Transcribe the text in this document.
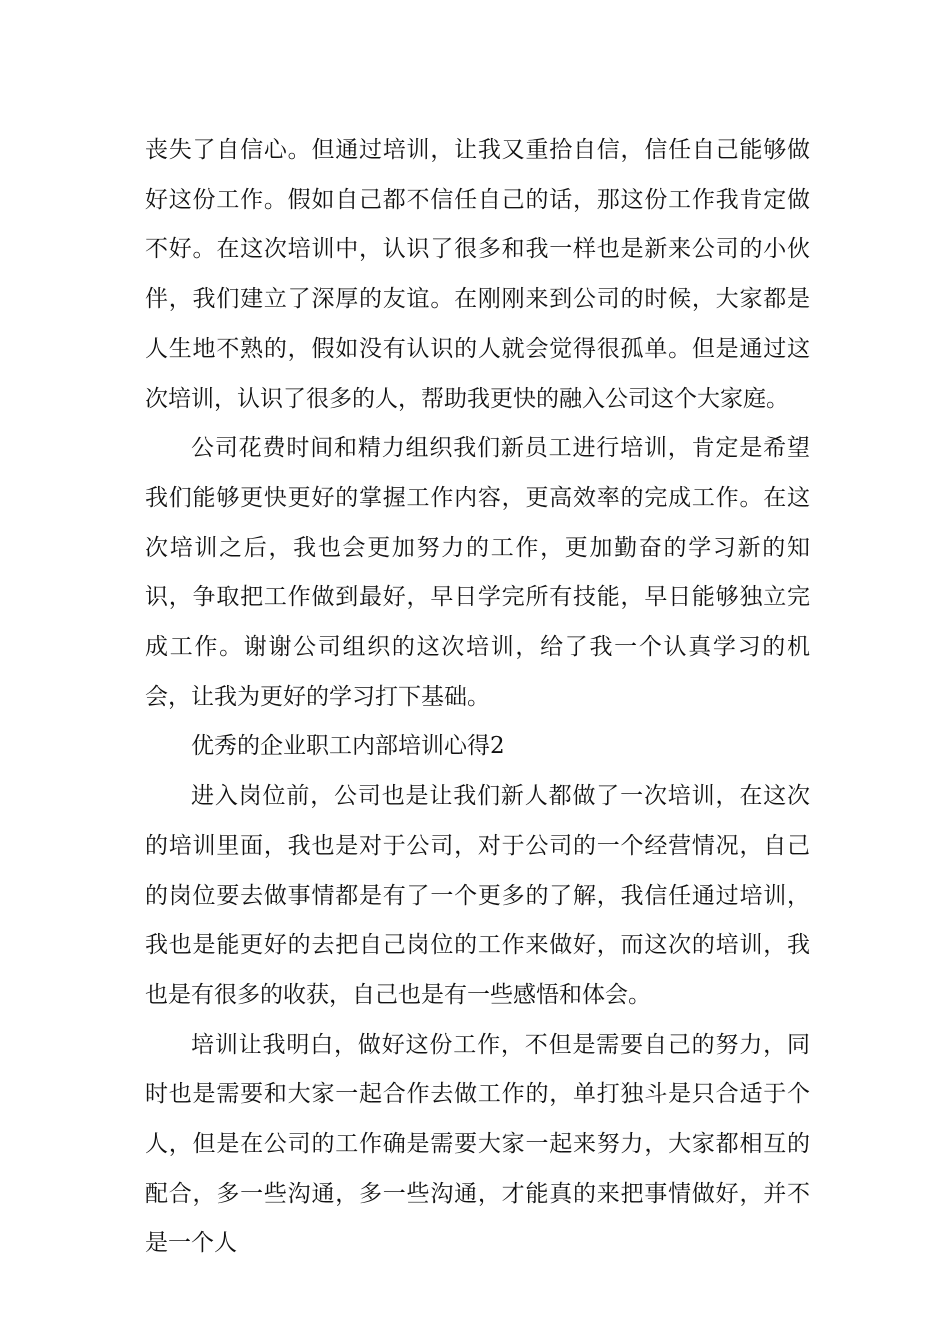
丧失了自信心。但通过培训，让我又重拾自信，信任自己能够做好这份工作。假如自己都不信任自己的话，那这份工作我肯定做不好。在这次培训中，认识了很多和我一样也是新来公司的小伙伴，我们建立了深厚的友谊。在刚刚来到公司的时候，大家都是人生地不熟的，假如没有认识的人就会觉得很孤单。但是通过这次培训，认识了很多的人，帮助我更快的融入公司这个大家庭。

公司花费时间和精力组织我们新员工进行培训，肯定是希望我们能够更快更好的掌握工作内容，更高效率的完成工作。在这次培训之后，我也会更加努力的工作，更加勤奋的学习新的知识，争取把工作做到最好，早日学完所有技能，早日能够独立完成工作。谢谢公司组织的这次培训，给了我一个认真学习的机会，让我为更好的学习打下基础。

优秀的企业职工内部培训心得2

进入岗位前，公司也是让我们新人都做了一次培训，在这次的培训里面，我也是对于公司，对于公司的一个经营情况，自己的岗位要去做事情都是有了一个更多的了解，我信任通过培训，我也是能更好的去把自己岗位的工作来做好，而这次的培训，我也是有很多的收获，自己也是有一些感悟和体会。

培训让我明白，做好这份工作，不但是需要自己的努力，同时也是需要和大家一起合作去做工作的，单打独斗是只合适于个人，但是在公司的工作确是需要大家一起来努力，大家都相互的配合，多一些沟通，多一些沟通，才能真的来把事情做好，并不是一个人
